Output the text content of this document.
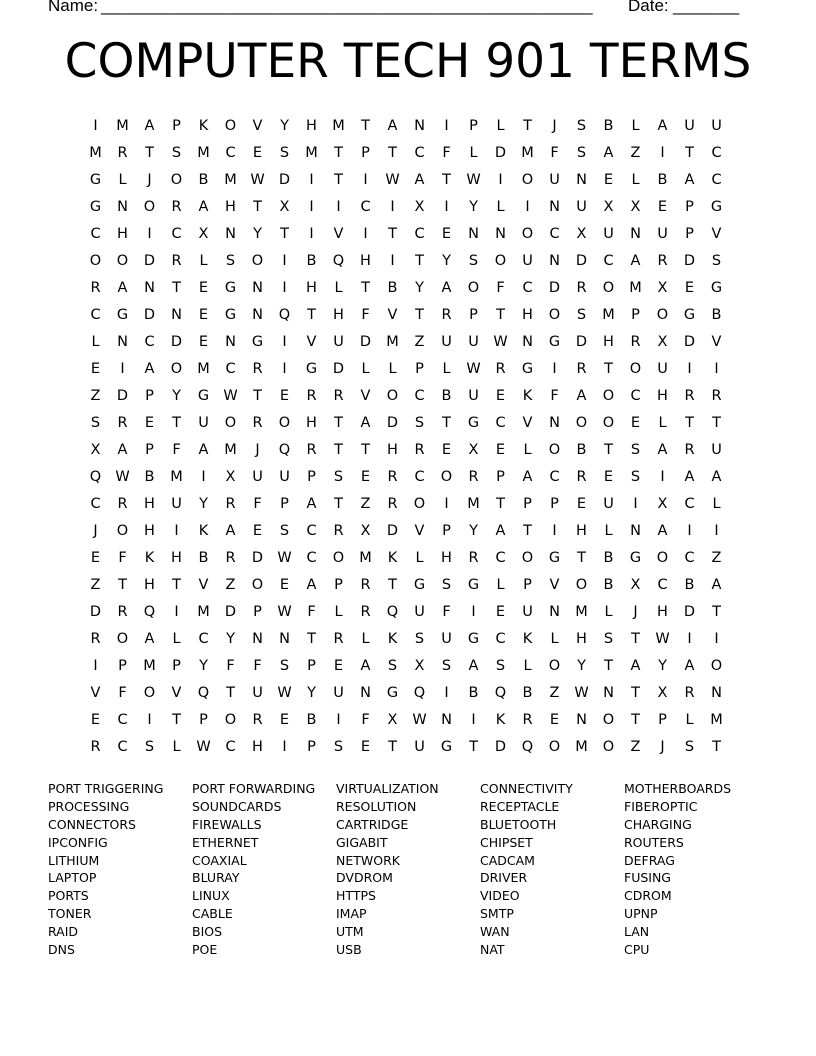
Name: ____________________________________________________ Date: _______
COMPUTER TECH 901 TERMS
I	M	A	P	K	O	V	Y	H	M	T	A	N	I	P	L	T	J	S	B	L	A	U	U
M	R	T	S	M	C	E	S	M	T	P	T	C	F	L	D	M	F	S	A	Z	I	T	C
G	L	J	O	B	M W D	I	T	I	W	A	T	W	I	O	U	N	E	L	B	A	C
G	N	O	R	A	H	T	X	I	I	C	I	X	I	Y	L	I	N	U	X	X	E	P	G
C	H	I	C	X	N	Y	T	I	V	I	T	C	E	N	N	O	C	X	U	N	U	P	V
O	O	D	R	L	S	O	I	B	Q	H	I	T	Y	S	O	U	N	D	C	A	R	D	S
R	A	N	T	E	G	N	I	H	L	T	B	Y	A	O	F	C	D	R	O	M	X	E	G
C	G	D	N	E	G	N	Q	T	H	F	V	T	R	P	T	H	O	S	M	P	O	G	B
L	N	C	D	E	N	G	I	V	U	D	M	Z	U	U	W N	G	D	H	R	X	D	V
E	I	A	O	M	C	R	I	G	D	L	L	P	L	W	R	G	I	R	T	O	U	I	I
Z	D	P	Y	G W	T	E	R	R	V	O	C	B	U	E	K	F	A	O	C	H	R	R
S	R	E	T	U	O	R	O	H	T	A	D	S	T	G	C	V	N	O	O	E	L	T	T
X	A	P	F	A	M	J	Q	R	T	T	H	R	E	X	E	L	O	B	T	S	A	R	U
Q W	B	M	I	X	U	U	P	S	E	R	C	O	R	P	A	C	R	E	S	I	A	A
C	R	H	U	Y	R	F	P	A	T	Z	R	O	I	M	T	P	P	E	U	I	X	C	L
J	O	H	I	K	A	E	S	C	R	X	D	V	P	Y	A	T	I	H	L	N	A	I	I
E	F	K	H	B	R	D W	C	O	M	K	L	H	R	C	O	G	T	B	G	O	C	Z
Z	T	H	T	V	Z	O	E	A	P	R	T	G	S	G	L	P	V	O	B	X	C	B	A
D	R	Q	I	M	D	P	W	F	L	R	Q	U	F	I	E	U	N	M	L	J	H	D	T
R	O	A	L	C	Y	N	N	T	R	L	K	S	U	G	C	K	L	H	S	T	W	I	I
I	P	M	P	Y	F	F	S	P	E	A	S	X	S	A	S	L	O	Y	T	A	Y	A	O
V	F	O	V	Q	T	U	W	Y	U	N	G	Q	I	B	Q	B	Z	W N	T	X	R	N
E	C	I	T	P	O	R	E	B	I	F	X	W N	I	K	R	E	N	O	T	P	L	M
R	C	S	L	W	C	H	I	P	S	E	T	U	G	T	D	Q	O	M	O	Z	J	S	T
PORT TRIGGERING
PROCESSING
CONNECTORS
IPCONFIG
LITHIUM
LAPTOP
PORTS
TONER
RAID
DNS
PORT FORWARDING
SOUNDCARDS
FIREWALLS
ETHERNET
COAXIAL
BLURAY
LINUX
CABLE
BIOS
POE
VIRTUALIZATION
RESOLUTION
CARTRIDGE
GIGABIT
NETWORK
DVDROM
HTTPS
IMAP
UTM
USB
CONNECTIVITY
RECEPTACLE
BLUETOOTH
CHIPSET
CADCAM
DRIVER
VIDEO
SMTP
WAN
NAT
MOTHERBOARDS
FIBEROPTIC
CHARGING
ROUTERS
DEFRAG
FUSING
CDROM
UPNP
LAN
CPU
